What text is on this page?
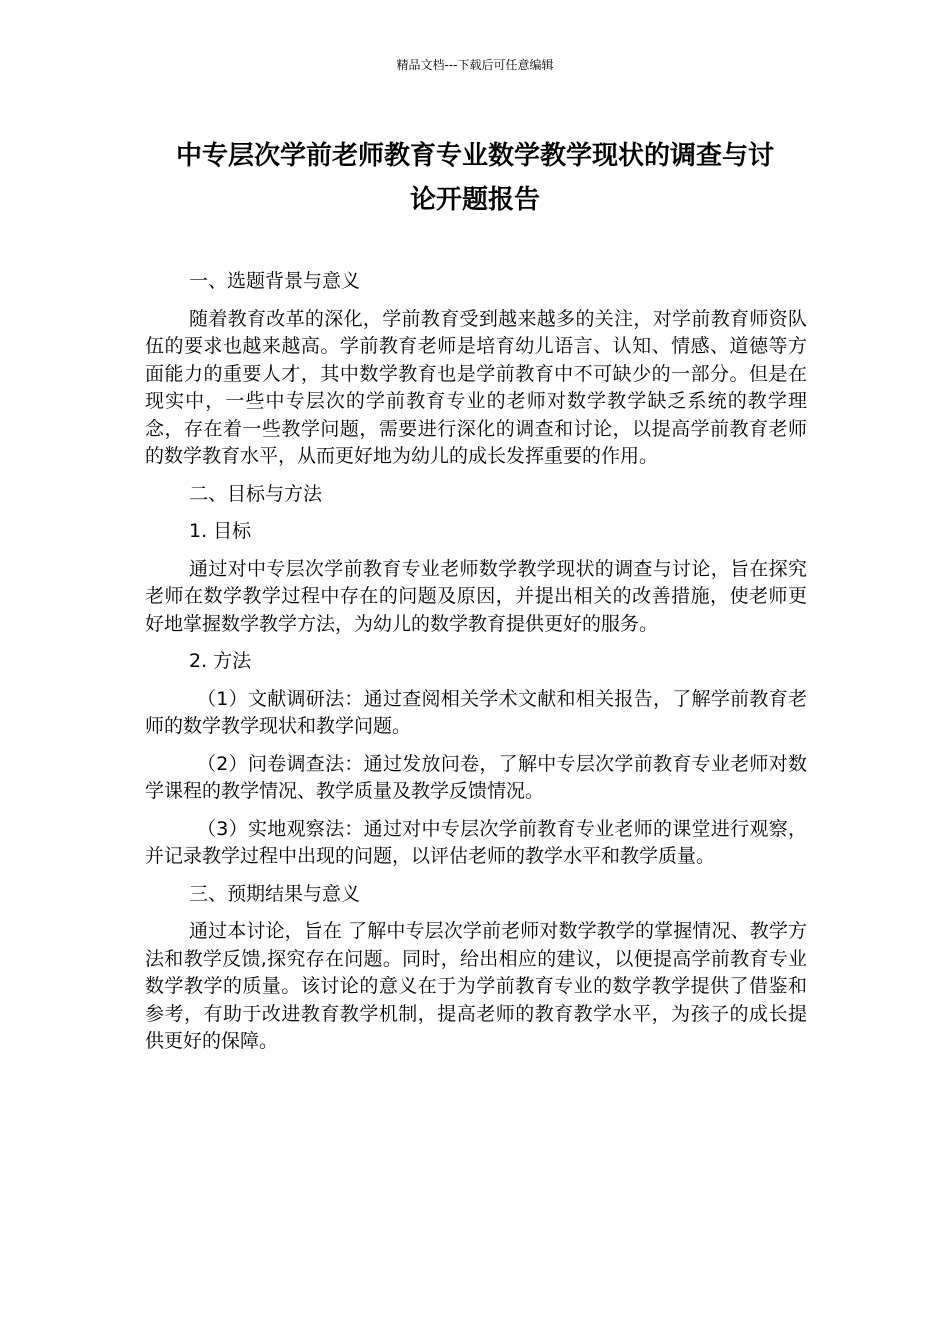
精品文档---下载后可任意编辑
中专层次学前老师教育专业数学教学现状的调查与讨
论开题报告

一、选题背景与意义

随着教育改革的深化，学前教育受到越来越多的关注，对学前教育师资队伍的要求也越来越高。学前教育老师是培育幼儿语言、认知、情感、道德等方面能力的重要人才，其中数学教育也是学前教育中不可缺少的一部分。但是在现实中，一些中专层次的学前教育专业的老师对数学教学缺乏系统的教学理念，存在着一些教学问题，需要进行深化的调查和讨论，以提高学前教育老师的数学教育水平，从而更好地为幼儿的成长发挥重要的作用。

二、目标与方法

1. 目标

通过对中专层次学前教育专业老师数学教学现状的调查与讨论，旨在探究老师在数学教学过程中存在的问题及原因，并提出相关的改善措施，使老师更好地掌握数学教学方法，为幼儿的数学教育提供更好的服务。

2. 方法

（1）文献调研法：通过查阅相关学术文献和相关报告，了解学前教育老师的数学教学现状和教学问题。

（2）问卷调查法：通过发放问卷，了解中专层次学前教育专业老师对数学课程的教学情况、教学质量及教学反馈情况。

（3）实地观察法：通过对中专层次学前教育专业老师的课堂进行观察，并记录教学过程中出现的问题，以评估老师的教学水平和教学质量。

三、预期结果与意义

通过本讨论，旨在 了解中专层次学前老师对数学教学的掌握情况、教学方法和教学反馈,探究存在问题。同时，给出相应的建议，以便提高学前教育专业数学教学的质量。该讨论的意义在于为学前教育专业的数学教学提供了借鉴和参考，有助于改进教育教学机制，提高老师的教育教学水平，为孩子的成长提供更好的保障。
